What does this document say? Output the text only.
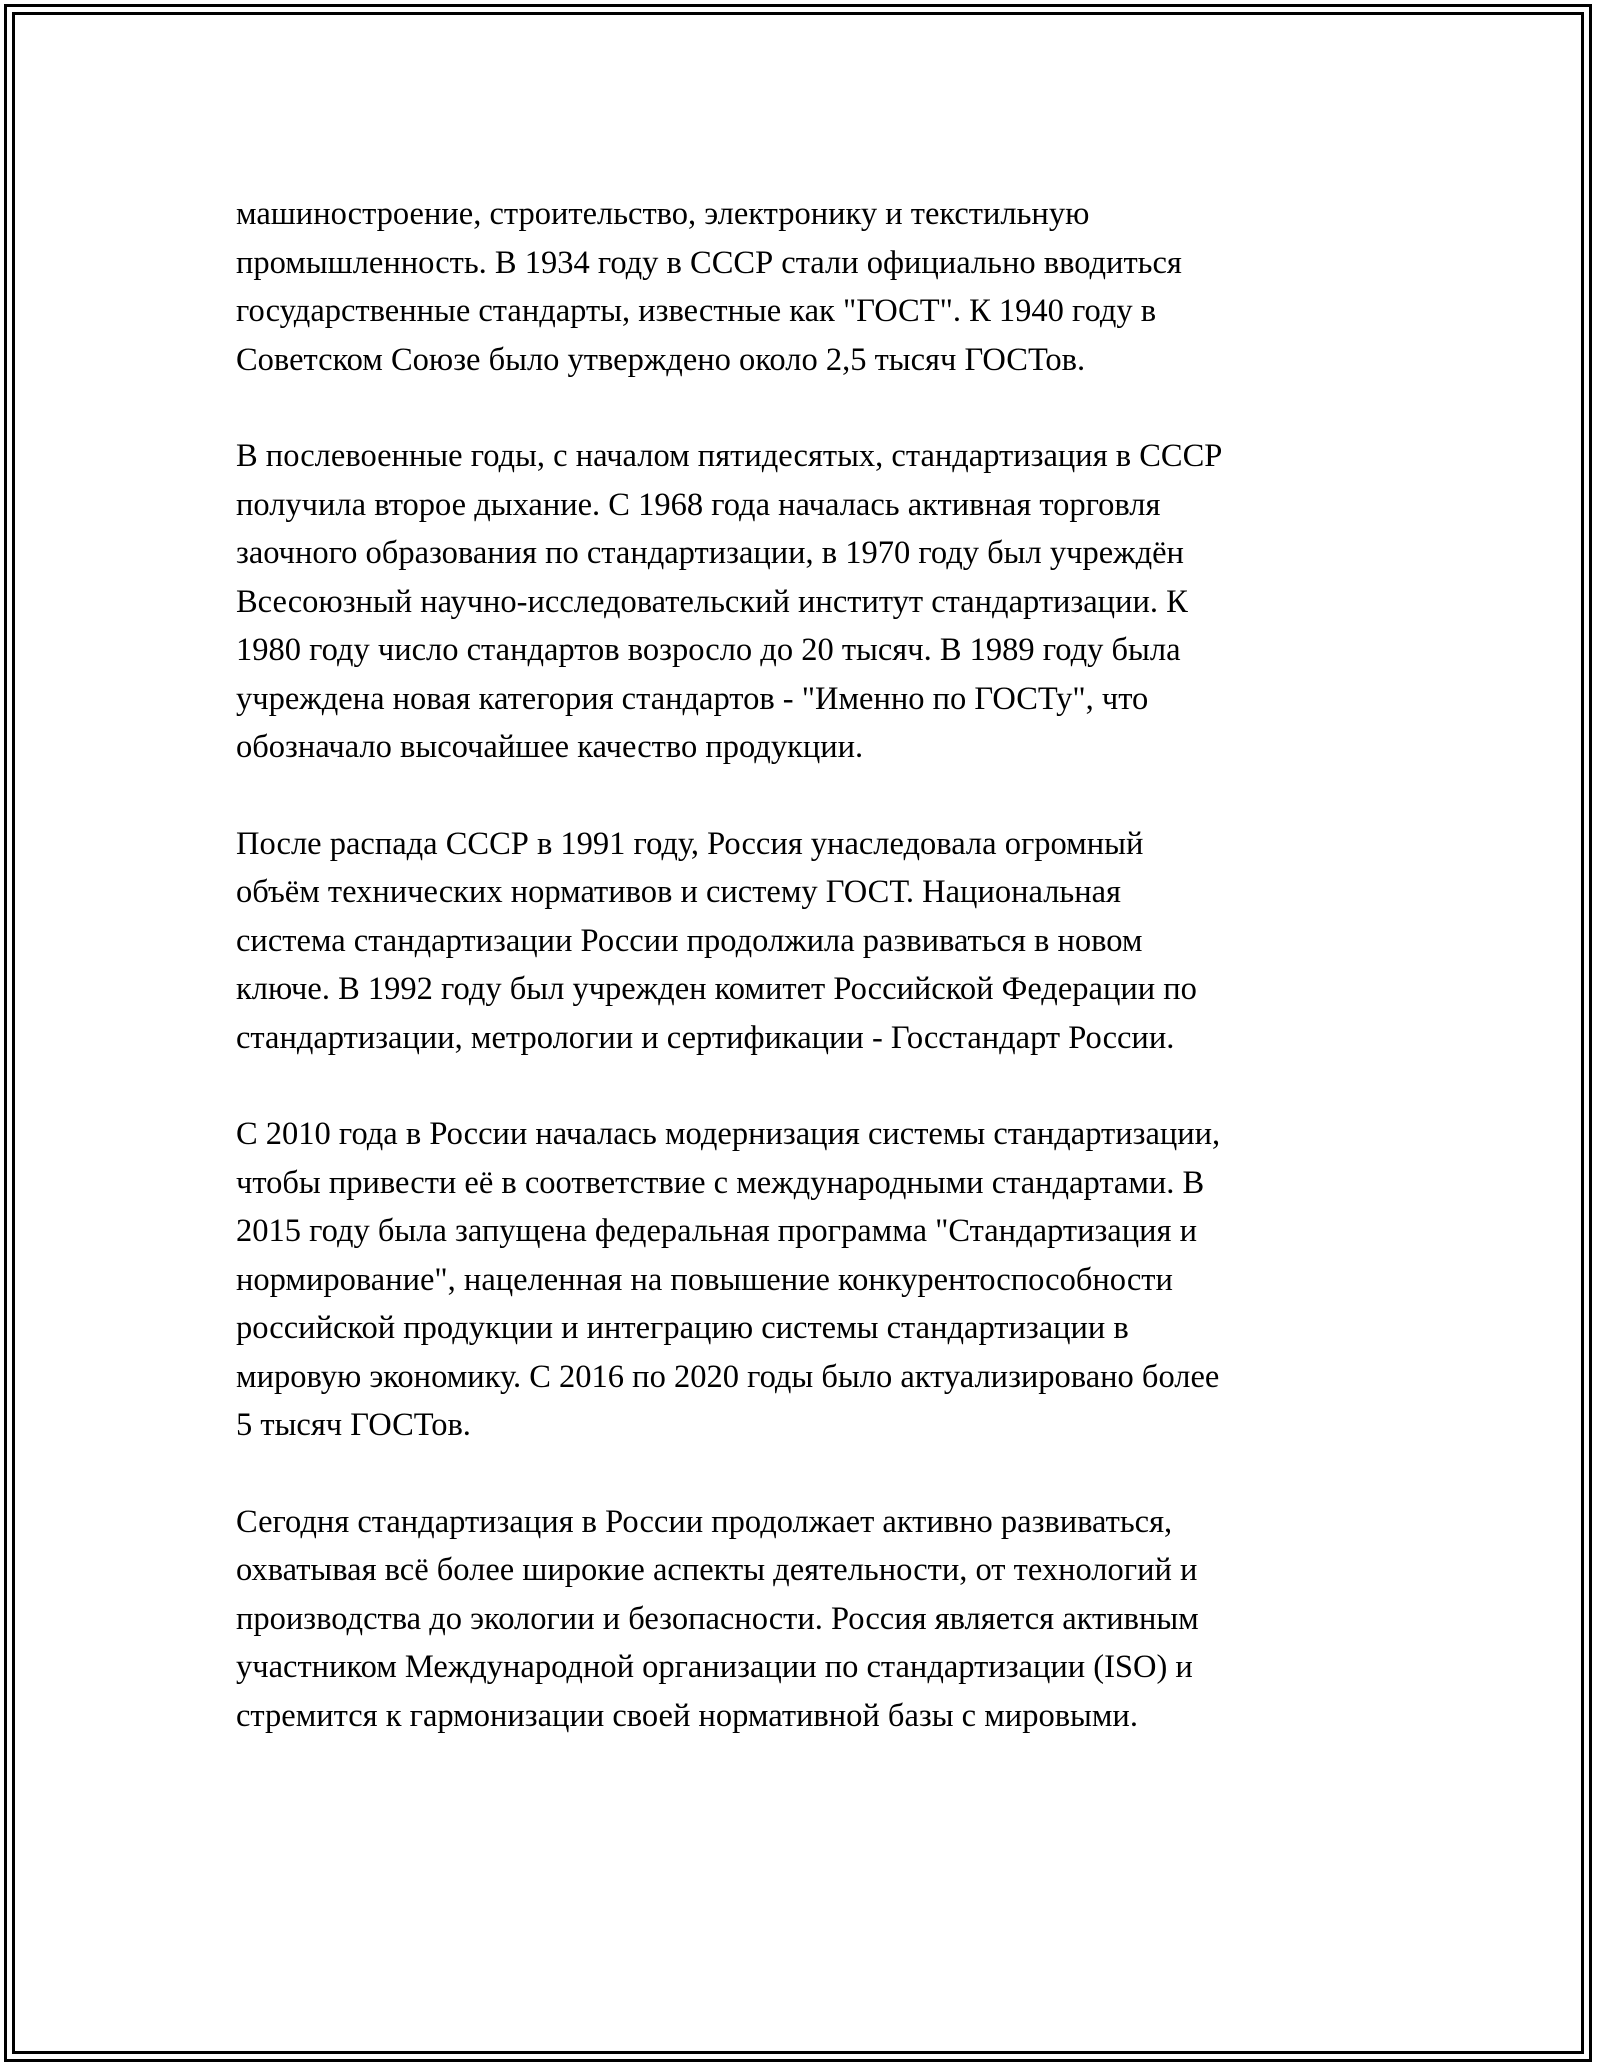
машиностроение, строительство, электронику и текстильную
промышленность. В 1934 году в СССР стали официально вводиться
государственные стандарты, известные как "ГОСТ". К 1940 году в
Советском Союзе было утверждено около 2,5 тысяч ГОСТов.

В послевоенные годы, с началом пятидесятых, стандартизация в СССР
получила второе дыхание. С 1968 года началась активная торговля
заочного образования по стандартизации, в 1970 году был учреждён
Всесоюзный научно-исследовательский институт стандартизации. К
1980 году число стандартов возросло до 20 тысяч. В 1989 году была
учреждена новая категория стандартов - "Именно по ГОСТу", что
обозначало высочайшее качество продукции.

После распада СССР в 1991 году, Россия унаследовала огромный
объём технических нормативов и систему ГОСТ. Национальная
система стандартизации России продолжила развиваться в новом
ключе. В 1992 году был учрежден комитет Российской Федерации по
стандартизации, метрологии и сертификации - Госстандарт России.

С 2010 года в России началась модернизация системы стандартизации,
чтобы привести её в соответствие с международными стандартами. В
2015 году была запущена федеральная программа "Стандартизация и
нормирование", нацеленная на повышение конкурентоспособности
российской продукции и интеграцию системы стандартизации в
мировую экономику. С 2016 по 2020 годы было актуализировано более
5 тысяч ГОСТов.

Сегодня стандартизация в России продолжает активно развиваться,
охватывая всё более широкие аспекты деятельности, от технологий и
производства до экологии и безопасности. Россия является активным
участником Международной организации по стандартизации (ISO) и
стремится к гармонизации своей нормативной базы с мировыми.
